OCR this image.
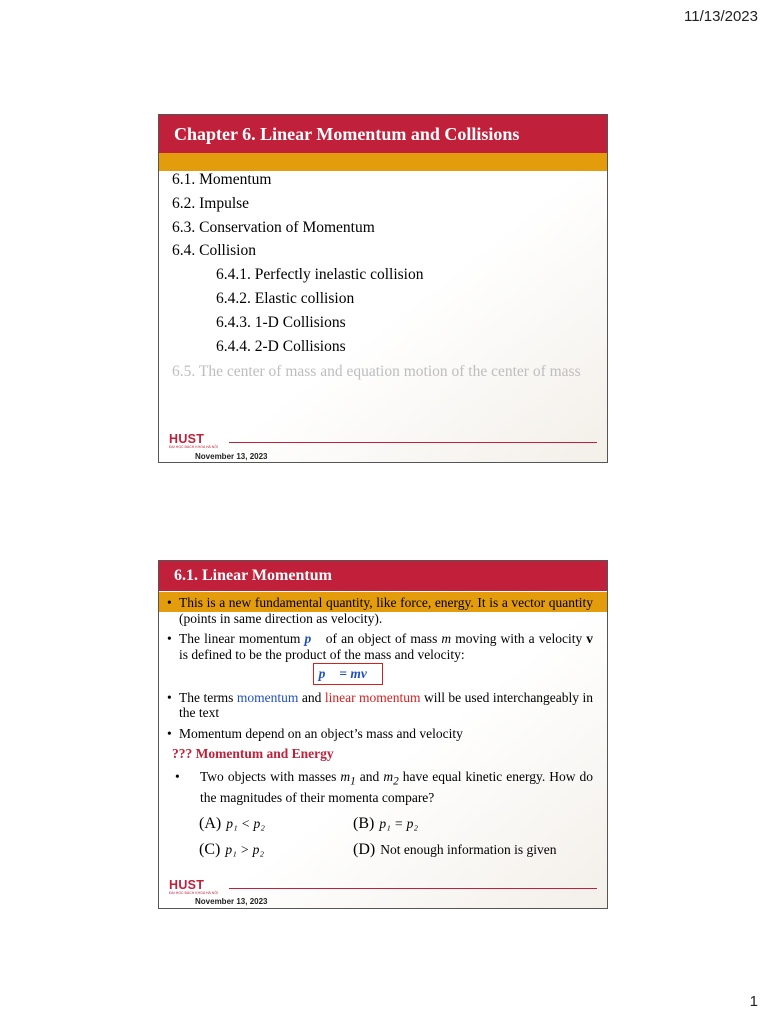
11/13/2023
Chapter 6. Linear Momentum and Collisions
6.1. Momentum
6.2. Impulse
6.3. Conservation of Momentum
6.4. Collision
6.4.1. Perfectly inelastic collision
6.4.2. Elastic collision
6.4.3. 1-D Collisions
6.4.4. 2-D Collisions
6.5. The center of mass and equation motion of the center of mass
HUST
ĐẠI HỌC BÁCH KHOA HÀ NỘI
November 13, 2023
6.1. Linear Momentum
• This is a new fundamental quantity, like force, energy. It is a vector quantity (points in same direction as velocity).
• The linear momentum p⃗ of an object of mass m moving with a velocity v is defined to be the product of the mass and velocity:
p⃗ = mv⃗
• The terms momentum and linear momentum will be used interchangeably in the text
• Momentum depend on an object’s mass and velocity
??? Momentum and Energy
• Two objects with masses $m_1$ and $m_2$ have equal kinetic energy. How do the magnitudes of their momenta compare?
(A) p₁ < p₂	(B) p₁ = p₂
(C) p₁ > p₂	(D) Not enough information is given
HUST
ĐẠI HỌC BÁCH KHOA HÀ NỘI
November 13, 2023
1
